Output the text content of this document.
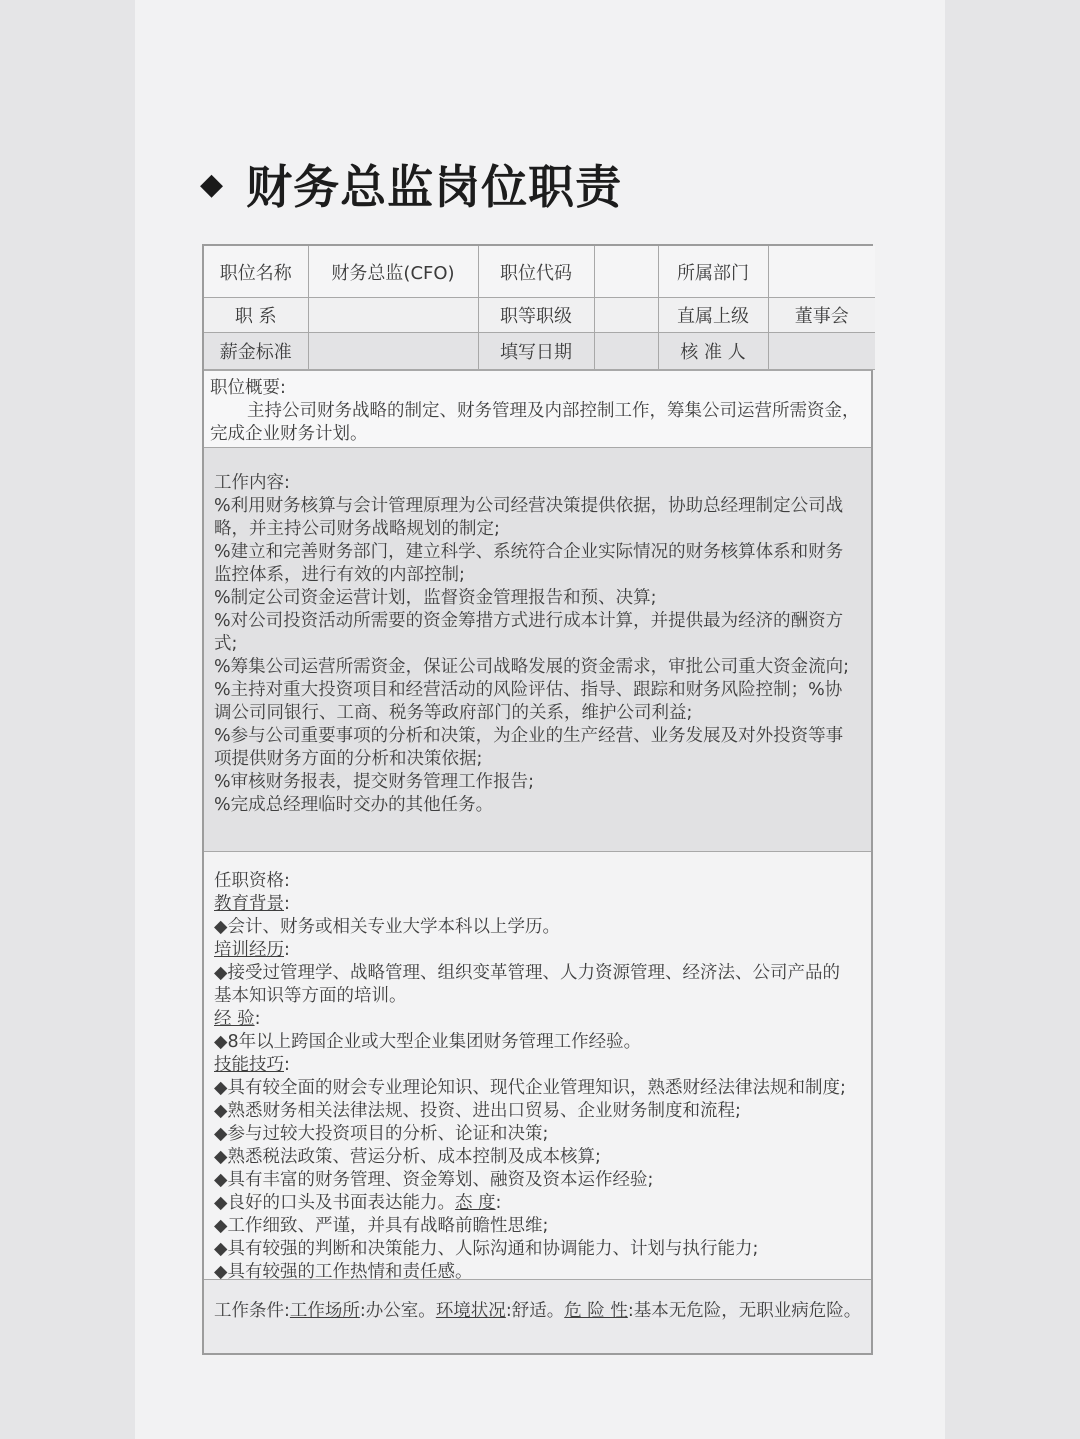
◆ 财务总监岗位职责
职位名称	财务总监(CFO)	职位代码		所属部门	
职 系		职等职级		直属上级	董事会
薪金标准		填写日期		核 准 人	

职位概要:

主持公司财务战略的制定、财务管理及内部控制工作，筹集公司运营所需资金，

完成企业财务计划。

工作内容:

%利用财务核算与会计管理原理为公司经营决策提供依据，协助总经理制定公司战

略，并主持公司财务战略规划的制定;

%建立和完善财务部门，建立科学、系统符合企业实际情况的财务核算体系和财务

监控体系，进行有效的内部控制;

%制定公司资金运营计划，监督资金管理报告和预、决算;

%对公司投资活动所需要的资金筹措方式进行成本计算，并提供最为经济的酬资方

式;

%筹集公司运营所需资金，保证公司战略发展的资金需求，审批公司重大资金流向;

%主持对重大投资项目和经营活动的风险评估、指导、跟踪和财务风险控制；%协

调公司同银行、工商、税务等政府部门的关系，维护公司利益;

%参与公司重要事项的分析和决策，为企业的生产经营、业务发展及对外投资等事

项提供财务方面的分析和决策依据;

%审核财务报表，提交财务管理工作报告;

%完成总经理临时交办的其他任务。

任职资格:

教育背景:

◆会计、财务或相关专业大学本科以上学历。

培训经历:

◆接受过管理学、战略管理、组织变革管理、人力资源管理、经济法、公司产品的

基本知识等方面的培训。

经 验:

◆8年以上跨国企业或大型企业集团财务管理工作经验。

技能技巧:

◆具有较全面的财会专业理论知识、现代企业管理知识，熟悉财经法律法规和制度;

◆熟悉财务相关法律法规、投资、进出口贸易、企业财务制度和流程;

◆参与过较大投资项目的分析、论证和决策;

◆熟悉税法政策、营运分析、成本控制及成本核算;

◆具有丰富的财务管理、资金筹划、融资及资本运作经验;

◆良好的口头及书面表达能力。态 度:

◆工作细致、严谨，并具有战略前瞻性思维;

◆具有较强的判断和决策能力、人际沟通和协调能力、计划与执行能力;

◆具有较强的工作热情和责任感。

工作条件:工作场所:办公室。环境状况:舒适。危 险 性:基本无危险，无职业病危险。
